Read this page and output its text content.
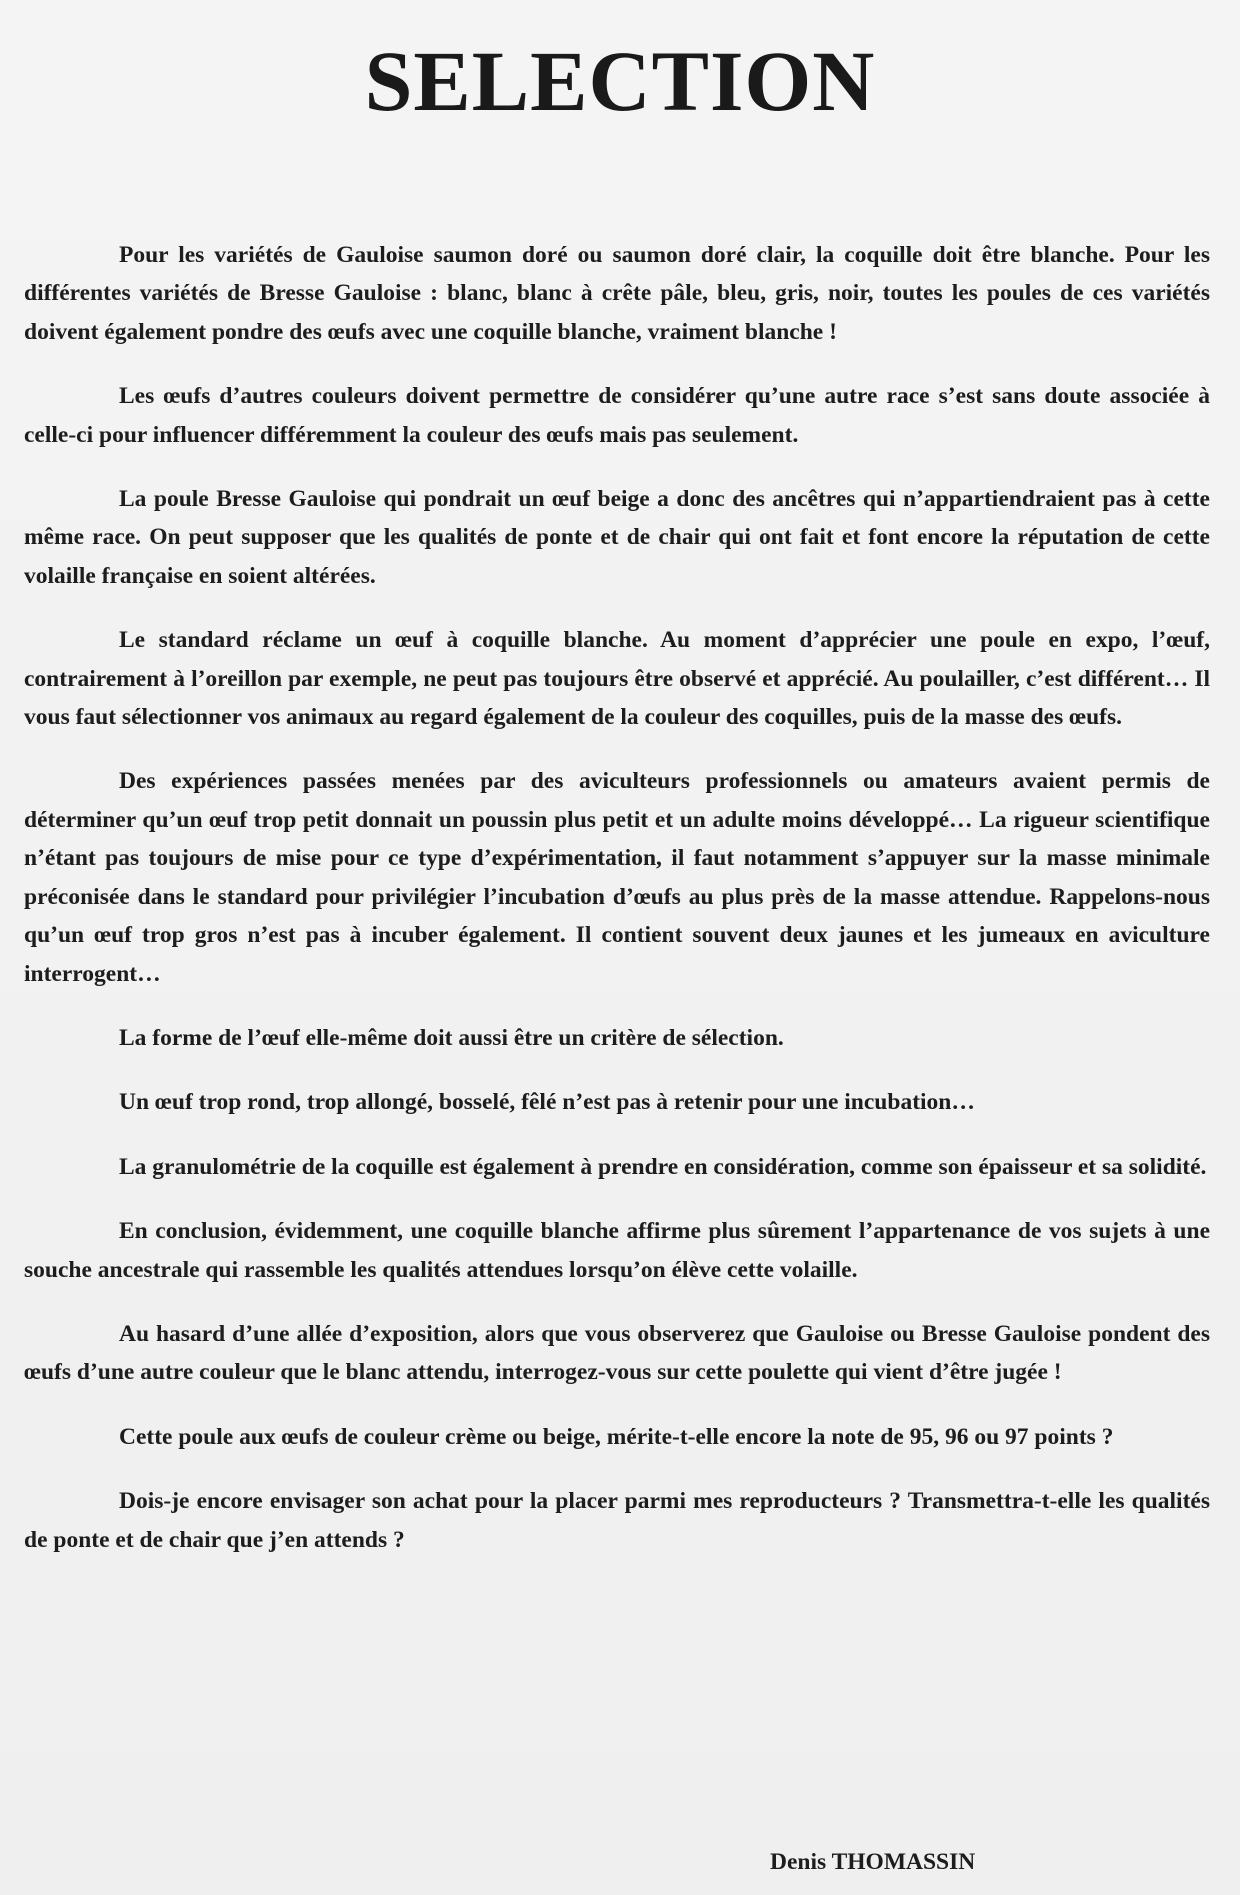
SELECTION

Pour les variétés de Gauloise saumon doré ou saumon doré clair, la coquille doit être blanche. Pour les différentes variétés de Bresse Gauloise : blanc, blanc à crête pâle, bleu, gris, noir, toutes les poules de ces variétés doivent également pondre des œufs avec une coquille blanche, vraiment blanche !

Les œufs d’autres couleurs doivent permettre de considérer qu’une autre race s’est sans doute associée à celle-ci pour influencer différemment la couleur des œufs mais pas seulement.

La poule Bresse Gauloise qui pondrait un œuf beige a donc des ancêtres qui n’appartiendraient pas à cette même race. On peut supposer que les qualités de ponte et de chair qui ont fait et font encore la réputation de cette volaille française en soient altérées.

Le standard réclame un œuf à coquille blanche. Au moment d’apprécier une poule en expo, l’œuf, contrairement à l’oreillon par exemple, ne peut pas toujours être observé et apprécié. Au poulailler, c’est différent… Il vous faut sélectionner vos animaux au regard également de la couleur des coquilles, puis de la masse des œufs.

Des expériences passées menées par des aviculteurs professionnels ou amateurs avaient permis de déterminer qu’un œuf trop petit donnait un poussin plus petit et un adulte moins développé… La rigueur scientifique n’étant pas toujours de mise pour ce type d’expérimentation, il faut notamment s’appuyer sur la masse minimale préconisée dans le standard pour privilégier l’incubation d’œufs au plus près de la masse attendue. Rappelons-nous qu’un œuf trop gros n’est pas à incuber également. Il contient souvent deux jaunes et les jumeaux en aviculture interrogent…

La forme de l’œuf elle-même doit aussi être un critère de sélection.

Un œuf trop rond, trop allongé, bosselé, fêlé n’est pas à retenir pour une incubation…

La granulométrie de la coquille est également à prendre en considération, comme son épaisseur et sa solidité.

En conclusion, évidemment, une coquille blanche affirme plus sûrement l’appartenance de vos sujets à une souche ancestrale qui rassemble les qualités attendues lorsqu’on élève cette volaille.

Au hasard d’une allée d’exposition, alors que vous observerez que Gauloise ou Bresse Gauloise pondent des œufs d’une autre couleur que le blanc attendu, interrogez-vous sur cette poulette qui vient d’être jugée !

Cette poule aux œufs de couleur crème ou beige, mérite-t-elle encore la note de 95, 96 ou 97 points ?

Dois-je encore envisager son achat pour la placer parmi mes reproducteurs ? Transmettra-t-elle les qualités de ponte et de chair que j’en attends ?

Denis THOMASSIN
